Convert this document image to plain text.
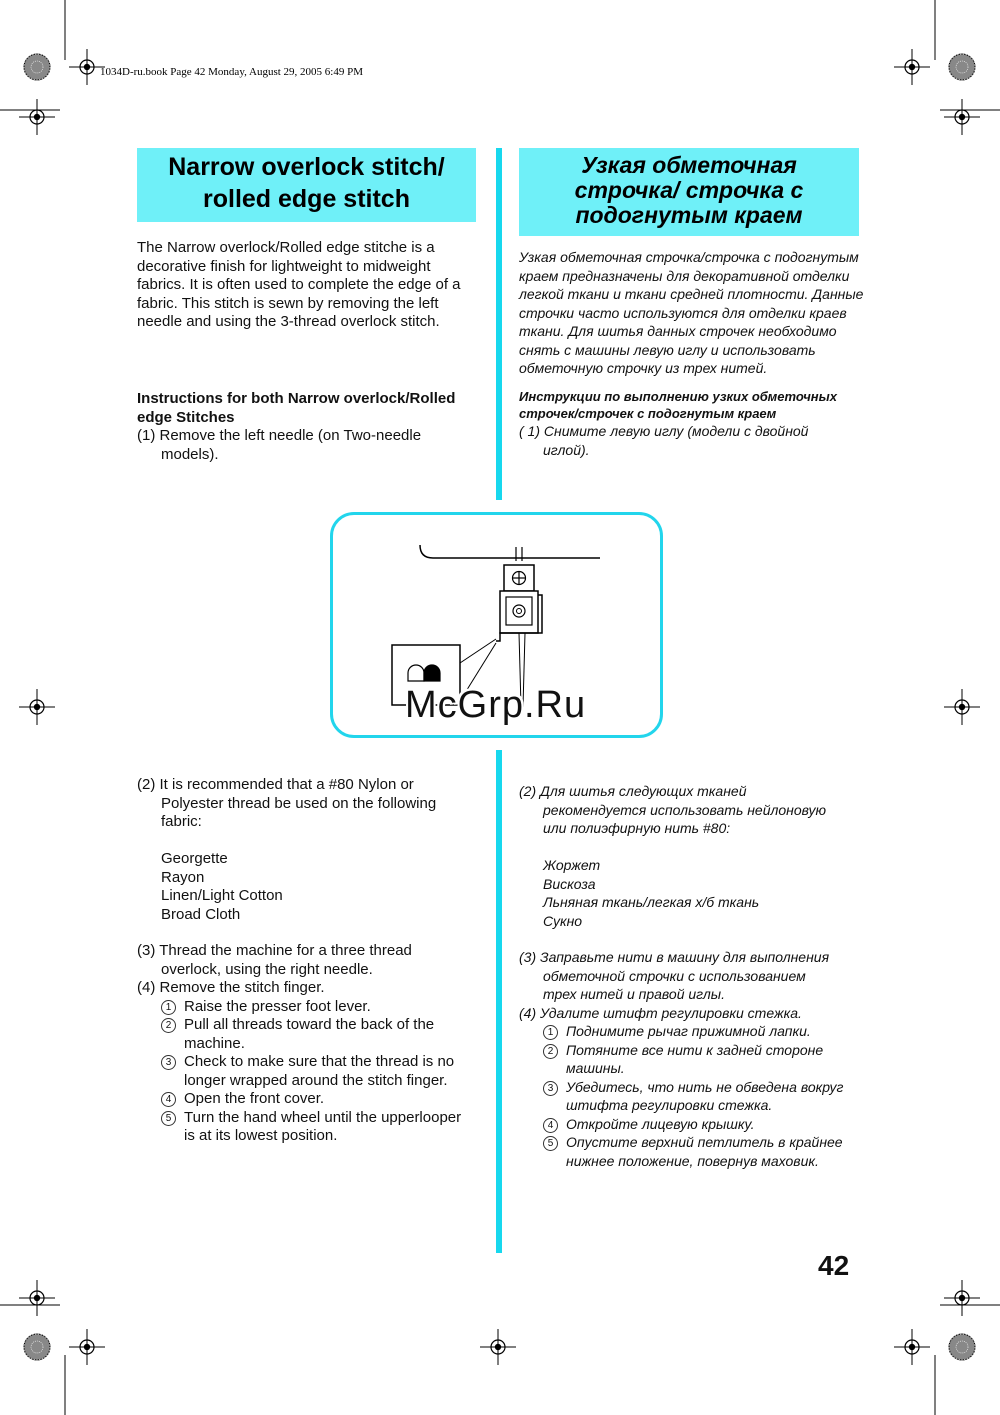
1034D-ru.book Page 42 Monday, August 29, 2005 6:49 PM
Narrow overlock stitch/
rolled edge stitch
Узкая обметочная
строчка/ строчка с
подогнутым краем
The Narrow overlock/Rolled edge stitche is a
decorative finish for lightweight to midweight
fabrics. It is often used to complete the edge of a
fabric. This stitch is sewn by removing the left
needle and using the 3-thread overlock stitch.
Instructions for both Narrow overlock/Rolled
edge Stitches
(1) Remove the left needle (on Two-needle
models).
Узкая обметочная строчка/строчка с подогнутым
краем предназначены для декоративной отделки
легкой ткани и ткани средней плотности. Данные
строчки часто используются для отделки краев
ткани. Для шитья данных строчек необходимо
снять с машины левую иглу и использовать
обметочную строчку из трех нитей.
Инструкции по выполнению узких обметочных
строчек/строчек с подогнутым краем
( 1) Снимите левую иглу (модели с двойной
иглой).
McGrp.Ru
(2) It is recommended that a #80 Nylon or
Polyester thread be used on the following
fabric:
Georgette
Rayon
Linen/Light Cotton
Broad Cloth
(3) Thread the machine for a three thread
overlock, using the right needle.
(4) Remove the stitch finger.
1 Raise the presser foot lever.
2 Pull all threads toward the back of the
machine.
3 Check to make sure that the thread is no
longer wrapped around the stitch finger.
4 Open the front cover.
5 Turn the hand wheel until the upperlooper
is at its lowest position.
(2) Для шитья следующих тканей
рекомендуется использовать нейлоновую
или полиэфирную нить #80:
Жоржет
Вискоза
Льняная ткань/легкая х/б ткань
Сукно
(3) Заправьте нити в машину для выполнения
обметочной строчки с использованием
трех нитей и правой иглы.
(4) Удалите штифт регулировки стежка.
1 Поднимите рычаг прижимной лапки.
2 Потяните все нити к задней стороне
машины.
3 Убедитесь, что нить не обведена вокруг
штифта регулировки стежка.
4 Откройте лицевую крышку.
5 Опустите верхний петлитель в крайнее
нижнее положение, повернув маховик.
42
